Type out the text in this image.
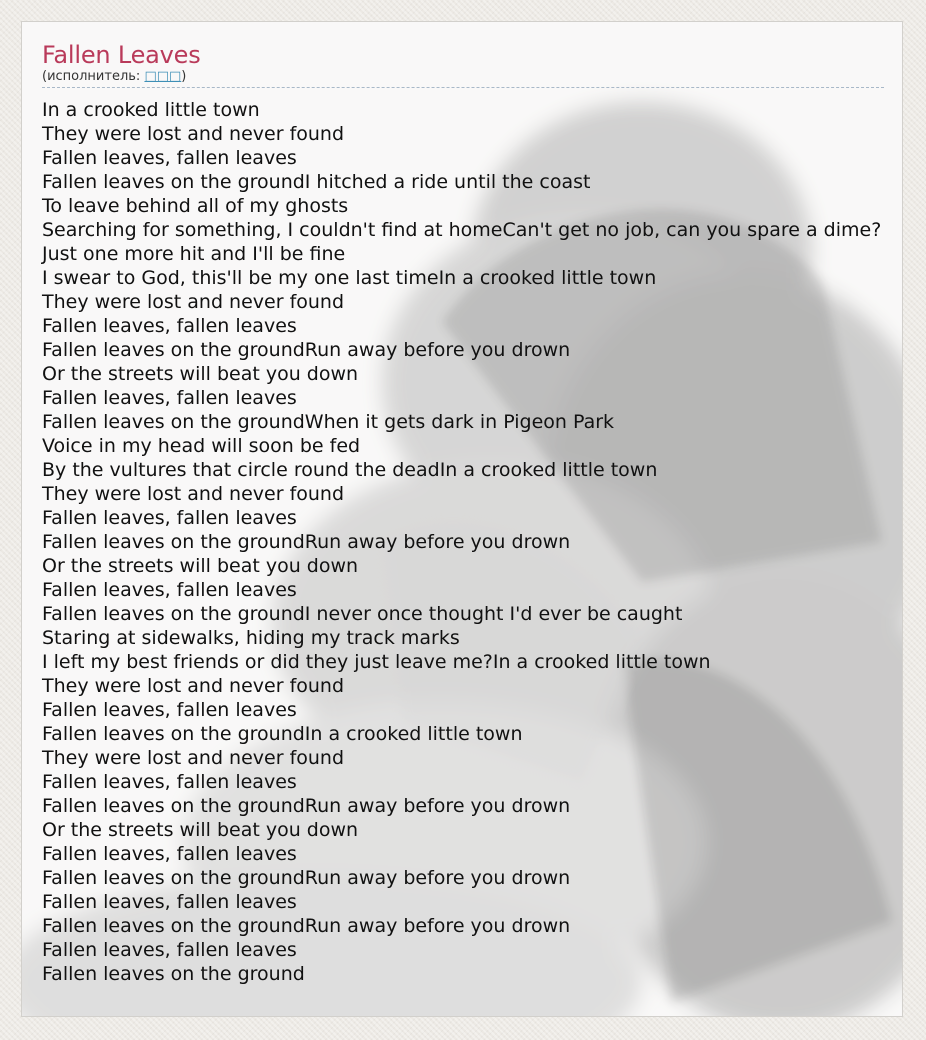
Fallen Leaves
(исполнитель: □□□)
In a crooked little town
They were lost and never found
Fallen leaves, fallen leaves
Fallen leaves on the groundI hitched a ride until the coast
To leave behind all of my ghosts
Searching for something, I couldn't find at homeCan't get no job, can you spare a dime?
Just one more hit and I'll be fine
I swear to God, this'll be my one last timeIn a crooked little town
They were lost and never found
Fallen leaves, fallen leaves
Fallen leaves on the groundRun away before you drown
Or the streets will beat you down
Fallen leaves, fallen leaves
Fallen leaves on the groundWhen it gets dark in Pigeon Park
Voice in my head will soon be fed
By the vultures that circle round the deadIn a crooked little town
They were lost and never found
Fallen leaves, fallen leaves
Fallen leaves on the groundRun away before you drown
Or the streets will beat you down
Fallen leaves, fallen leaves
Fallen leaves on the groundI never once thought I'd ever be caught
Staring at sidewalks, hiding my track marks
I left my best friends or did they just leave me?In a crooked little town
They were lost and never found
Fallen leaves, fallen leaves
Fallen leaves on the groundIn a crooked little town
They were lost and never found
Fallen leaves, fallen leaves
Fallen leaves on the groundRun away before you drown
Or the streets will beat you down
Fallen leaves, fallen leaves
Fallen leaves on the groundRun away before you drown
Fallen leaves, fallen leaves
Fallen leaves on the groundRun away before you drown
Fallen leaves, fallen leaves
Fallen leaves on the ground
